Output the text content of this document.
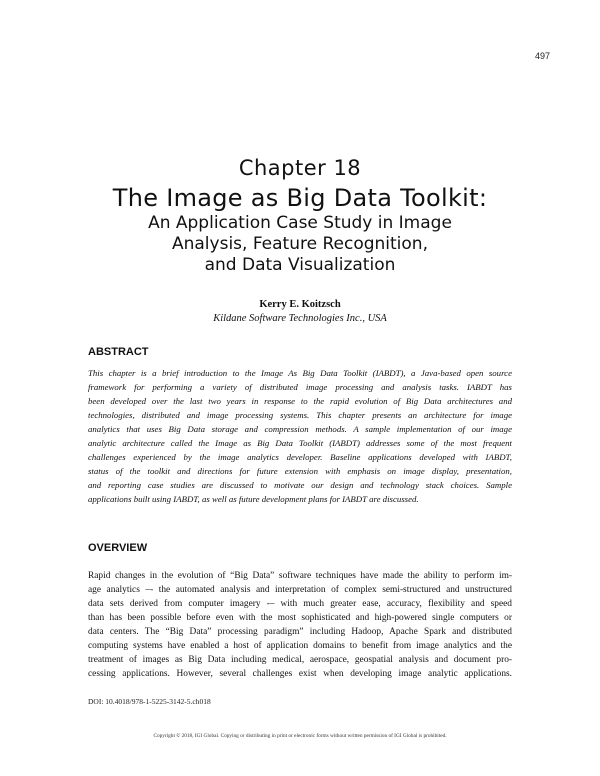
497
Chapter 18
The Image as Big Data Toolkit:
An Application Case Study in Image
Analysis, Feature Recognition,
and Data Visualization
Kerry E. Koitzsch
Kildane Software Technologies Inc., USA
ABSTRACT
This chapter is a brief introduction to the Image As Big Data Toolkit (IABDT), a Java-based open source
framework for performing a variety of distributed image processing and analysis tasks. IABDT has
been developed over the last two years in response to the rapid evolution of Big Data architectures and
technologies, distributed and image processing systems. This chapter presents an architecture for image
analytics that uses Big Data storage and compression methods. A sample implementation of our image
analytic architecture called the Image as Big Data Toolkit (IABDT) addresses some of the most frequent
challenges experienced by the image analytics developer. Baseline applications developed with IABDT,
status of the toolkit and directions for future extension with emphasis on image display, presentation,
and reporting case studies are discussed to motivate our design and technology stack choices. Sample
applications built using IABDT, as well as future development plans for IABDT are discussed.
OVERVIEW
Rapid changes in the evolution of “Big Data” software techniques have made the ability to perform im-
age analytics –- the automated analysis and interpretation of complex semi-structured and unstructured
data sets derived from computer imagery -– with much greater ease, accuracy, flexibility and speed
than has been possible before even with the most sophisticated and high-powered single computers or
data centers. The “Big Data” processing paradigm” including Hadoop, Apache Spark and distributed
computing systems have enabled a host of application domains to benefit from image analytics and the
treatment of images as Big Data including medical, aerospace, geospatial analysis and document pro-
cessing applications. However, several challenges exist when developing image analytic applications.
DOI: 10.4018/978-1-5225-3142-5.ch018
Copyright © 2018, IGI Global. Copying or distributing in print or electronic forms without written permission of IGI Global is prohibited.
